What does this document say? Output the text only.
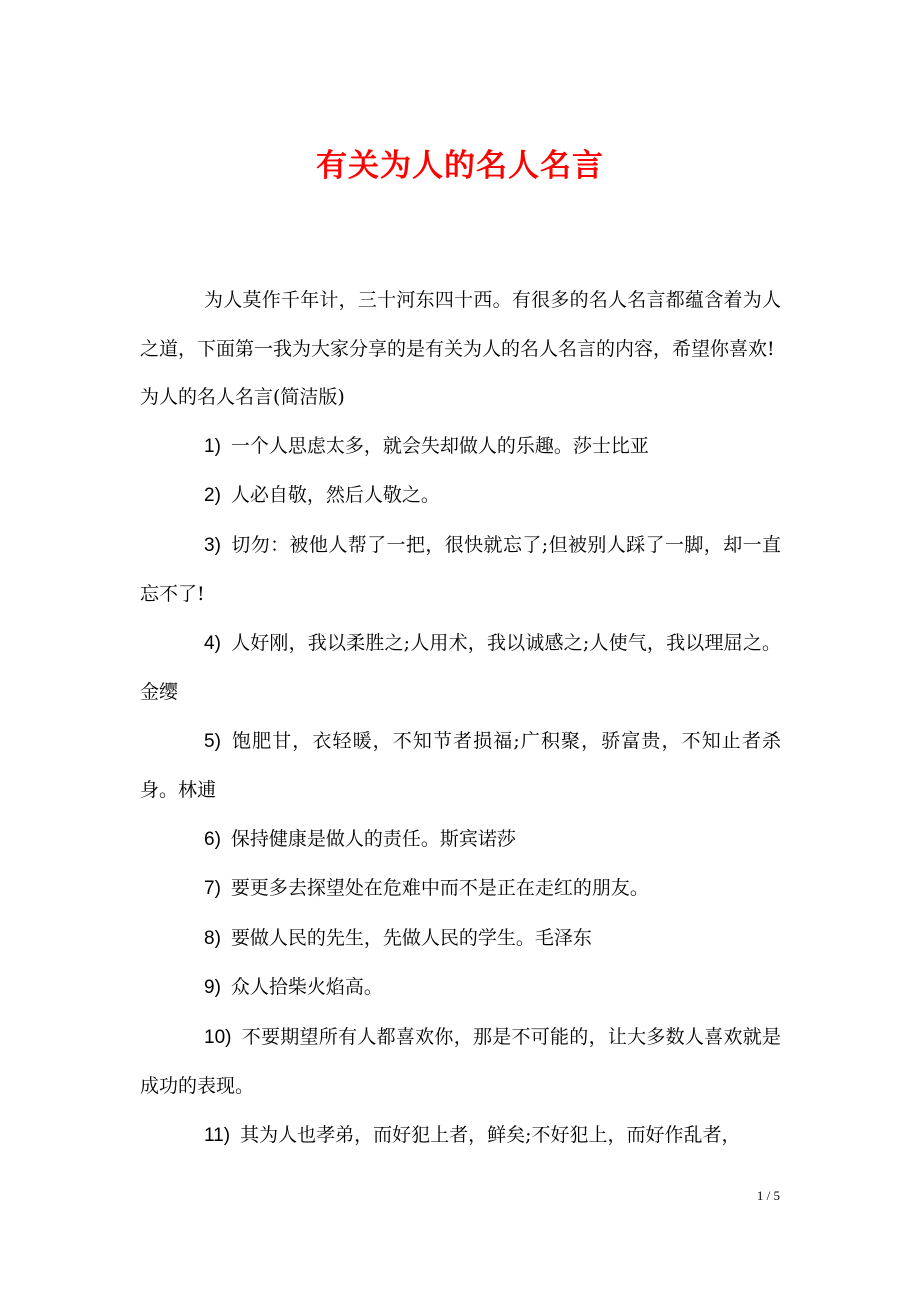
有关为人的名人名言

为人莫作千年计，三十河东四十西。有很多的名人名言都蕴含着为人之道，下面第一我为大家分享的是有关为人的名人名言的内容，希望你喜欢!

为人的名人名言(简洁版)

1) 一个人思虑太多，就会失却做人的乐趣。莎士比亚

2) 人必自敬，然后人敬之。

3) 切勿：被他人帮了一把，很快就忘了;但被别人踩了一脚，却一直忘不了!

4) 人好刚，我以柔胜之;人用术，我以诚感之;人使气，我以理屈之。金缨

5) 饱肥甘，衣轻暖，不知节者损福;广积聚，骄富贵，不知止者杀身。林逋

6) 保持健康是做人的责任。斯宾诺莎

7) 要更多去探望处在危难中而不是正在走红的朋友。

8) 要做人民的先生，先做人民的学生。毛泽东

9) 众人拾柴火焰高。

10) 不要期望所有人都喜欢你，那是不可能的，让大多数人喜欢就是成功的表现。

11) 其为人也孝弟，而好犯上者，鲜矣;不好犯上，而好作乱者，

1 / 5
